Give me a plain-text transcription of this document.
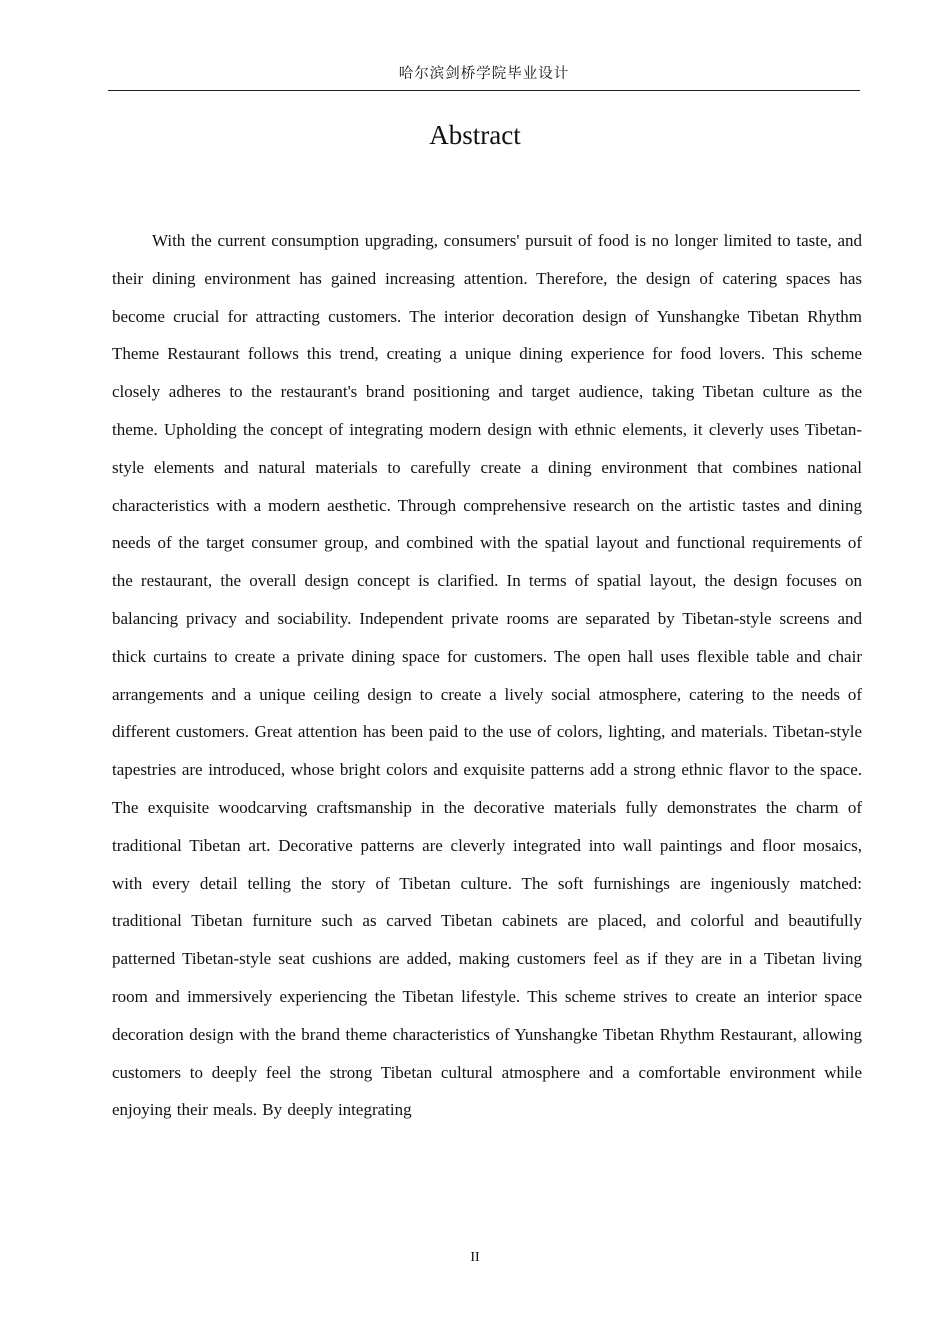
哈尔滨剑桥学院毕业设计
Abstract

With the current consumption upgrading, consumers' pursuit of food is no longer limited to taste, and their dining environment has gained increasing attention. Therefore, the design of catering spaces has become crucial for attracting customers. The interior decoration design of Yunshangke Tibetan Rhythm Theme Restaurant follows this trend, creating a unique dining experience for food lovers. This scheme closely adheres to the restaurant's brand positioning and target audience, taking Tibetan culture as the theme. Upholding the concept of integrating modern design with ethnic elements, it cleverly uses Tibetan-style elements and natural materials to carefully create a dining environment that combines national characteristics with a modern aesthetic. Through comprehensive research on the artistic tastes and dining needs of the target consumer group, and combined with the spatial layout and functional requirements of the restaurant, the overall design concept is clarified. In terms of spatial layout, the design focuses on balancing privacy and sociability. Independent private rooms are separated by Tibetan-style screens and thick curtains to create a private dining space for customers. The open hall uses flexible table and chair arrangements and a unique ceiling design to create a lively social atmosphere, catering to the needs of different customers. Great attention has been paid to the use of colors, lighting, and materials. Tibetan-style tapestries are introduced, whose bright colors and exquisite patterns add a strong ethnic flavor to the space. The exquisite woodcarving craftsmanship in the decorative materials fully demonstrates the charm of traditional Tibetan art. Decorative patterns are cleverly integrated into wall paintings and floor mosaics, with every detail telling the story of Tibetan culture. The soft furnishings are ingeniously matched: traditional Tibetan furniture such as carved Tibetan cabinets are placed, and colorful and beautifully patterned Tibetan-style seat cushions are added, making customers feel as if they are in a Tibetan living room and immersively experiencing the Tibetan lifestyle. This scheme strives to create an interior space decoration design with the brand theme characteristics of Yunshangke Tibetan Rhythm Restaurant, allowing customers to deeply feel the strong Tibetan cultural atmosphere and a comfortable environment while enjoying their meals. By deeply integrating

II
